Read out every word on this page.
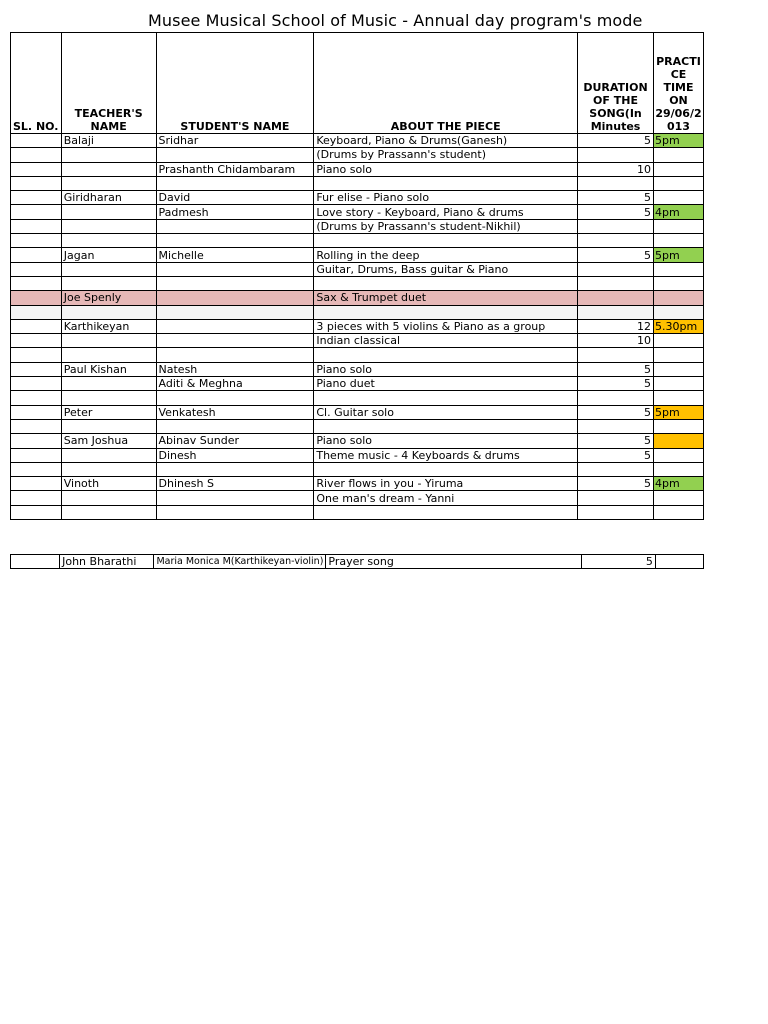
Musee Musical School of Music - Annual day program's mode
SL. NO.	TEACHER'S NAME	STUDENT'S NAME	ABOUT THE PIECE	DURATION OF THE SONG(In Minutes	PRACTI CE TIME ON 29/06/2 013
	Balaji	Sridhar	Keyboard, Piano & Drums(Ganesh)	5	5pm
			(Drums by Prassann's student)		
		Prashanth Chidambaram	Piano solo	10	

	Giridharan	David	Fur elise - Piano solo	5	
		Padmesh	Love story - Keyboard, Piano & drums	5	4pm
			(Drums by Prassann's student-Nikhil)		

	Jagan	Michelle	Rolling in the deep	5	5pm
			Guitar, Drums, Bass guitar & Piano		

	Joe Spenly		Sax & Trumpet duet		

	Karthikeyan		3 pieces with 5 violins & Piano as a group	12	5.30pm
			Indian classical	10	

	Paul Kishan	Natesh	Piano solo	5	
		Aditi & Meghna	Piano duet	5	

	Peter	Venkatesh	Cl. Guitar solo	5	5pm

	Sam Joshua	Abinav Sunder	Piano solo	5	
		Dinesh	Theme music - 4 Keyboards & drums	5	

	Vinoth	Dhinesh S	River flows in you - Yiruma	5	4pm
			One man's dream - Yanni		

	John Bharathi	Maria Monica M(Karthikeyan-violin)	Prayer song	5	
